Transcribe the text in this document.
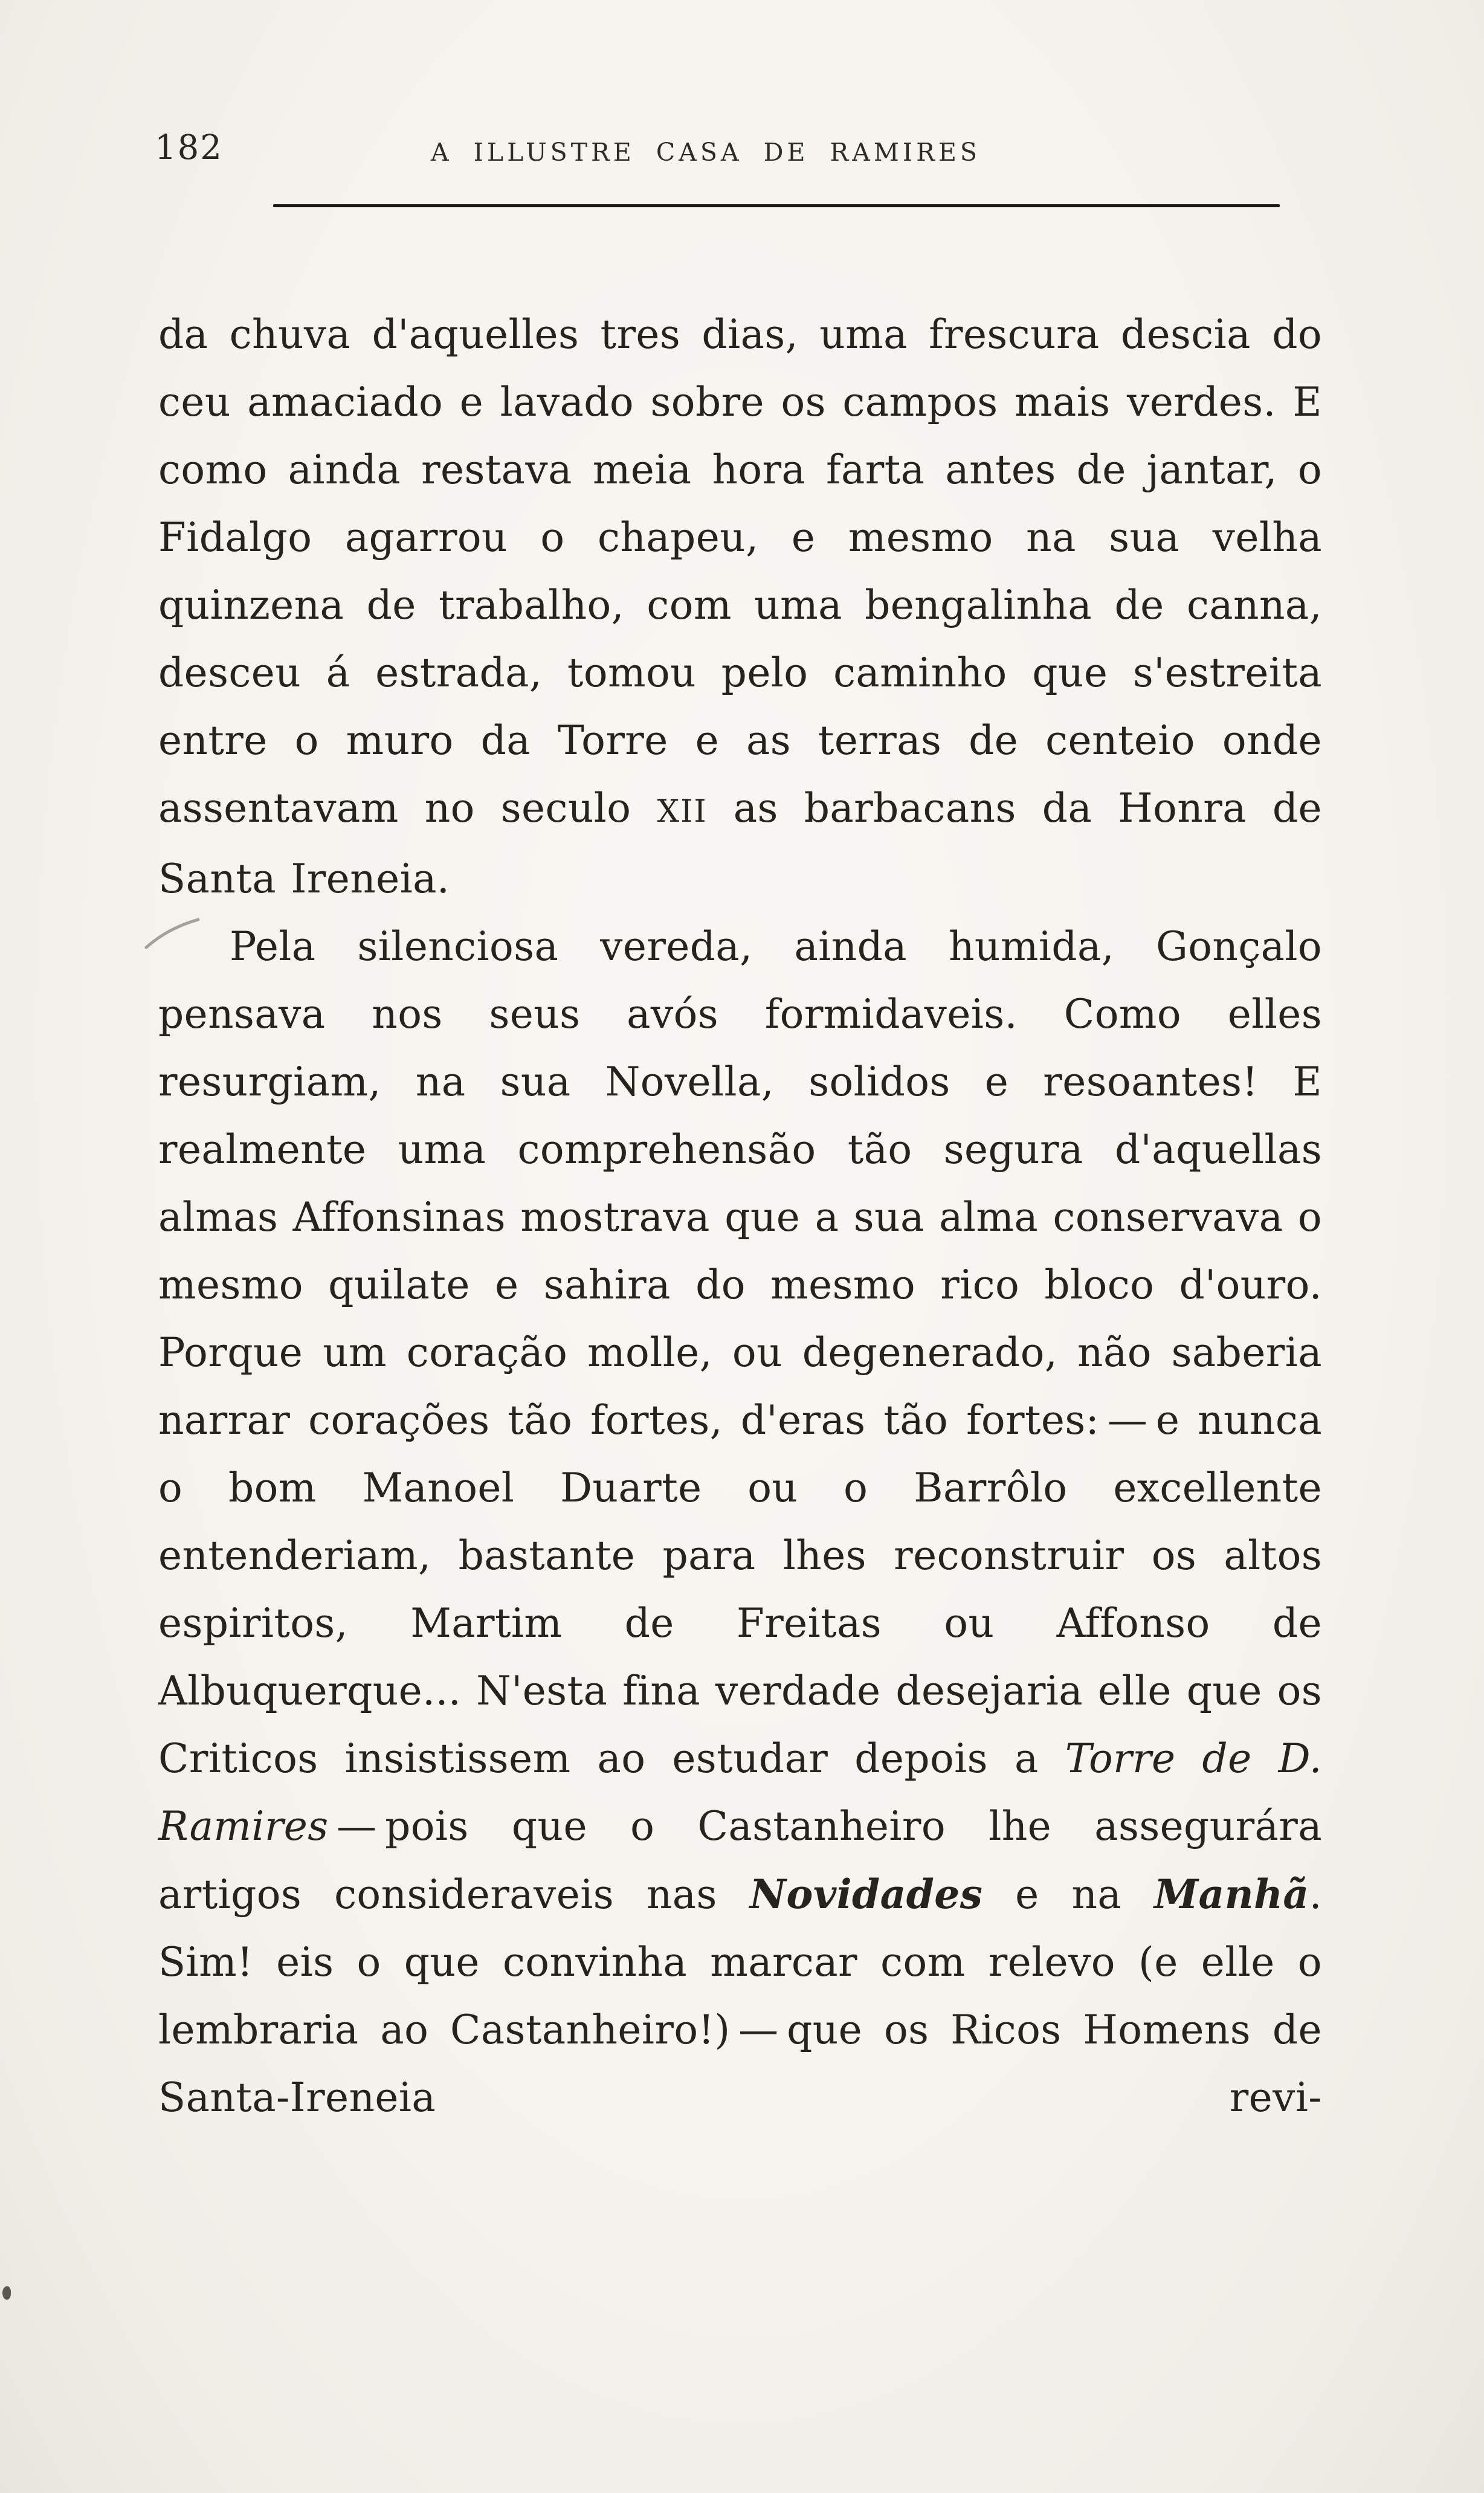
182	A ILLUSTRE CASA DE RAMIRES

da chuva d'aquelles tres dias, uma frescura descia do ceu amaciado e lavado sobre os campos mais verdes. E como ainda restava meia hora farta antes de jantar, o Fidalgo agarrou o chapeu, e mesmo na sua velha quinzena de trabalho, com uma bengalinha de canna, desceu á estrada, tomou pelo caminho que s'estreita entre o muro da Torre e as terras de centeio onde assentavam no seculo XII as barbacans da Honra de Santa Ireneia.

Pela silenciosa vereda, ainda humida, Gonçalo pensava nos seus avós formidaveis. Como elles resurgiam, na sua Novella, solidos e resoantes! E realmente uma comprehensão tão segura d'aquellas almas Affonsinas mostrava que a sua alma conservava o mesmo quilate e sahira do mesmo rico bloco d'ouro. Porque um coração molle, ou degenerado, não saberia narrar corações tão fortes, d'eras tão fortes: — e nunca o bom Manoel Duarte ou o Barrôlo excellente entenderiam, bastante para lhes reconstruir os altos espiritos, Martim de Freitas ou Affonso de Albuquerque... N'esta fina verdade desejaria elle que os Criticos insistissem ao estudar depois a Torre de D. Ramires — pois que o Castanheiro lhe assegurára artigos consideraveis nas Novidades e na Manhã. Sim! eis o que convinha marcar com relevo (e elle o lembraria ao Castanheiro!) — que os Ricos Homens de Santa-Ireneia revi-
